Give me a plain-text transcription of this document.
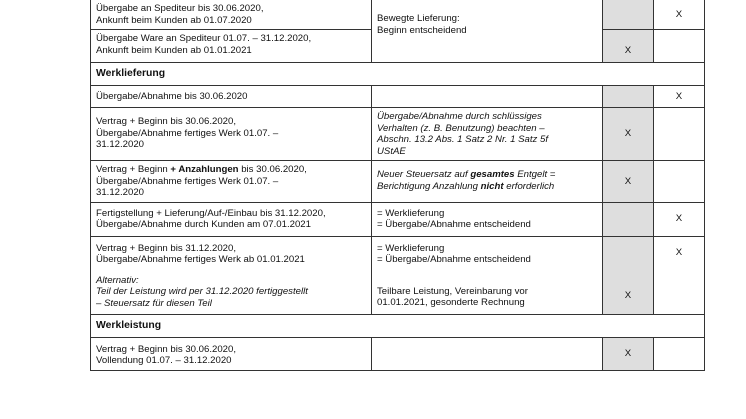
Übergabe an Spediteur bis 30.06.2020,
Ankunft beim Kunden ab 01.07.2020	Bewegte Lieferung:
Beginn entscheidend		X
Übergabe Ware an Spediteur 01.07. – 31.12.2020,
Ankunft beim Kunden ab 01.01.2021		X	
Werklieferung			
Übergabe/Abnahme bis 30.06.2020			X
Vertrag + Beginn bis 30.06.2020,
Übergabe/Abnahme fertiges Werk 01.07. –
31.12.2020	Übergabe/Abnahme durch schlüssiges
Verhalten (z. B. Benutzung) beachten –
Abschn. 13.2 Abs. 1 Satz 2 Nr. 1 Satz 5f
UStAE	X	
Vertrag + Beginn + Anzahlungen bis 30.06.2020,
Übergabe/Abnahme fertiges Werk 01.07. –
31.12.2020	Neuer Steuersatz auf gesamtes Entgelt =
Berichtigung Anzahlung nicht erforderlich	X	
Fertigstellung + Lieferung/Auf-/Einbau bis 31.12.2020,
Übergabe/Abnahme durch Kunden am 07.01.2021	= Werklieferung
= Übergabe/Abnahme entscheidend		X
Vertrag + Beginn bis 31.12.2020,
Übergabe/Abnahme fertiges Werk ab 01.01.2021
Alternativ:
Teil der Leistung wird per 31.12.2020 fertiggestellt
– Steuersatz für diesen Teil	= Werklieferung
= Übergabe/Abnahme entscheidend
Teilbare Leistung, Vereinbarung vor
01.01.2021, gesonderte Rechnung	X	X
Werkleistung			
Vertrag + Beginn bis 30.06.2020,
Vollendung 01.07. – 31.12.2020		X	
